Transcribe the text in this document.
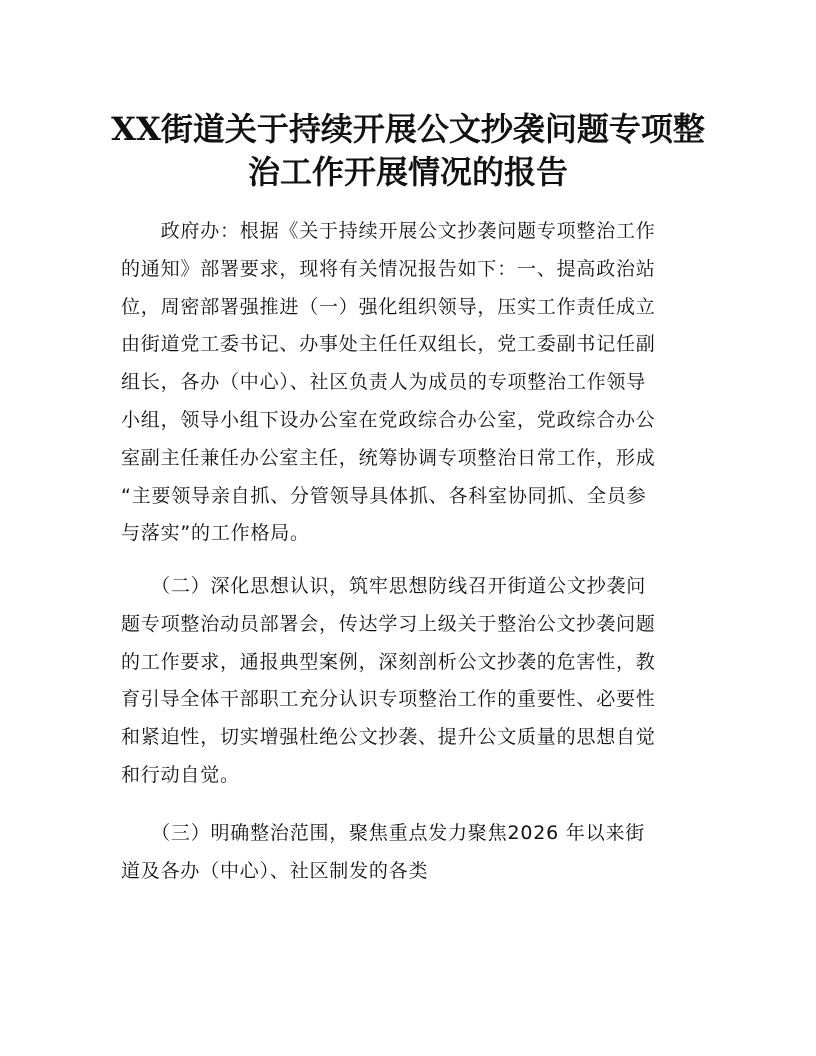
XX街道关于持续开展公文抄袭问题专项整
治工作开展情况的报告
　　政府办：根据《关于持续开展公文抄袭问题专项整治工作
的通知》部署要求，现将有关情况报告如下：一、提高政治站
位，周密部署强推进（一）强化组织领导，压实工作责任成立
由街道党工委书记、办事处主任任双组长，党工委副书记任副
组长，各办（中心）、社区负责人为成员的专项整治工作领导
小组，领导小组下设办公室在党政综合办公室，党政综合办公
室副主任兼任办公室主任，统筹协调专项整治日常工作，形成
“主要领导亲自抓、分管领导具体抓、各科室协同抓、全员参
与落实”的工作格局。
　　（二）深化思想认识，筑牢思想防线召开街道公文抄袭问
题专项整治动员部署会，传达学习上级关于整治公文抄袭问题
的工作要求，通报典型案例，深刻剖析公文抄袭的危害性，教
育引导全体干部职工充分认识专项整治工作的重要性、必要性
和紧迫性，切实增强杜绝公文抄袭、提升公文质量的思想自觉
和行动自觉。
　　（三）明确整治范围，聚焦重点发力聚焦2026 年以来街
道及各办（中心）、社区制发的各类
